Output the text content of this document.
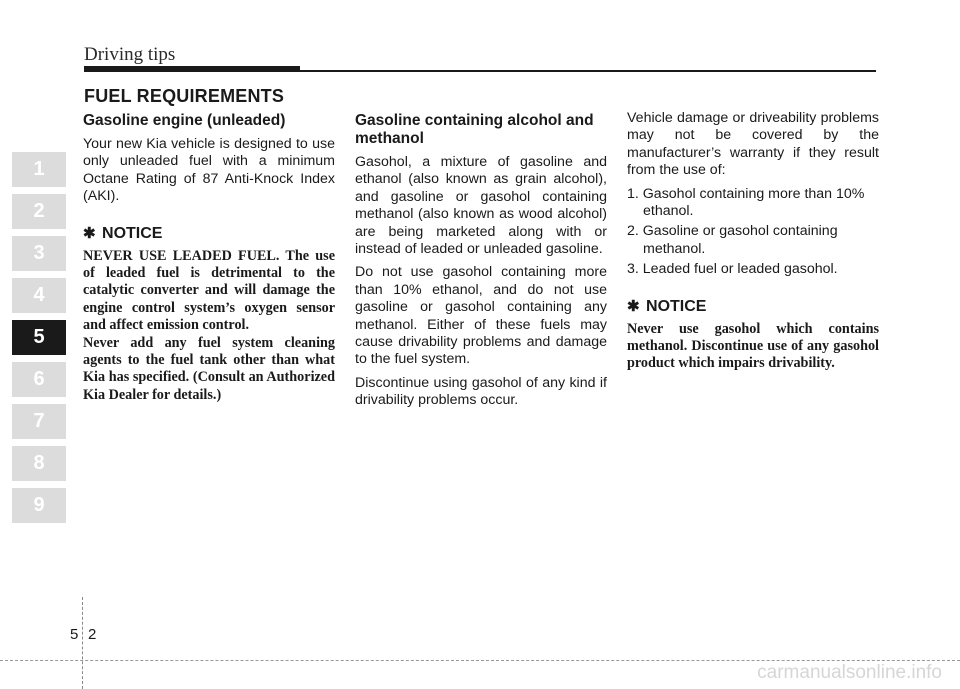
Driving tips
FUEL REQUIREMENTS
1
2
3
4
5
6
7
8
9
Gasoline engine (unleaded)

Your new Kia vehicle is designed to use only unleaded fuel with a minimum Octane Rating of 87 Anti-Knock Index (AKI).

✱ NOTICE

NEVER USE LEADED FUEL. The use of leaded fuel is detrimental to the catalytic converter and will damage the engine control system’s oxygen sensor and affect emission control.

Never add any fuel system cleaning agents to the fuel tank other than what Kia has specified. (Consult an Authorized Kia Dealer for details.)

Gasoline containing alcohol and methanol

Gasohol, a mixture of gasoline and ethanol (also known as grain alcohol), and gasoline or gasohol containing methanol (also known as wood alcohol) are being marketed along with or instead of leaded or unleaded gasoline.

Do not use gasohol containing more than 10% ethanol, and do not use gasoline or gasohol containing any methanol. Either of these fuels may cause drivability problems and damage to the fuel system.

Discontinue using gasohol of any kind if drivability problems occur.

Vehicle damage or driveability problems may not be covered by the manufacturer’s warranty if they result from the use of:

1. Gasohol containing more than 10% ethanol.
2. Gasoline or gasohol containing methanol.
3. Leaded fuel or leaded gasohol.
✱ NOTICE

Never use gasohol which contains methanol. Discontinue use of any gasohol product which impairs drivability.

5 2
carmanualsonline.info
